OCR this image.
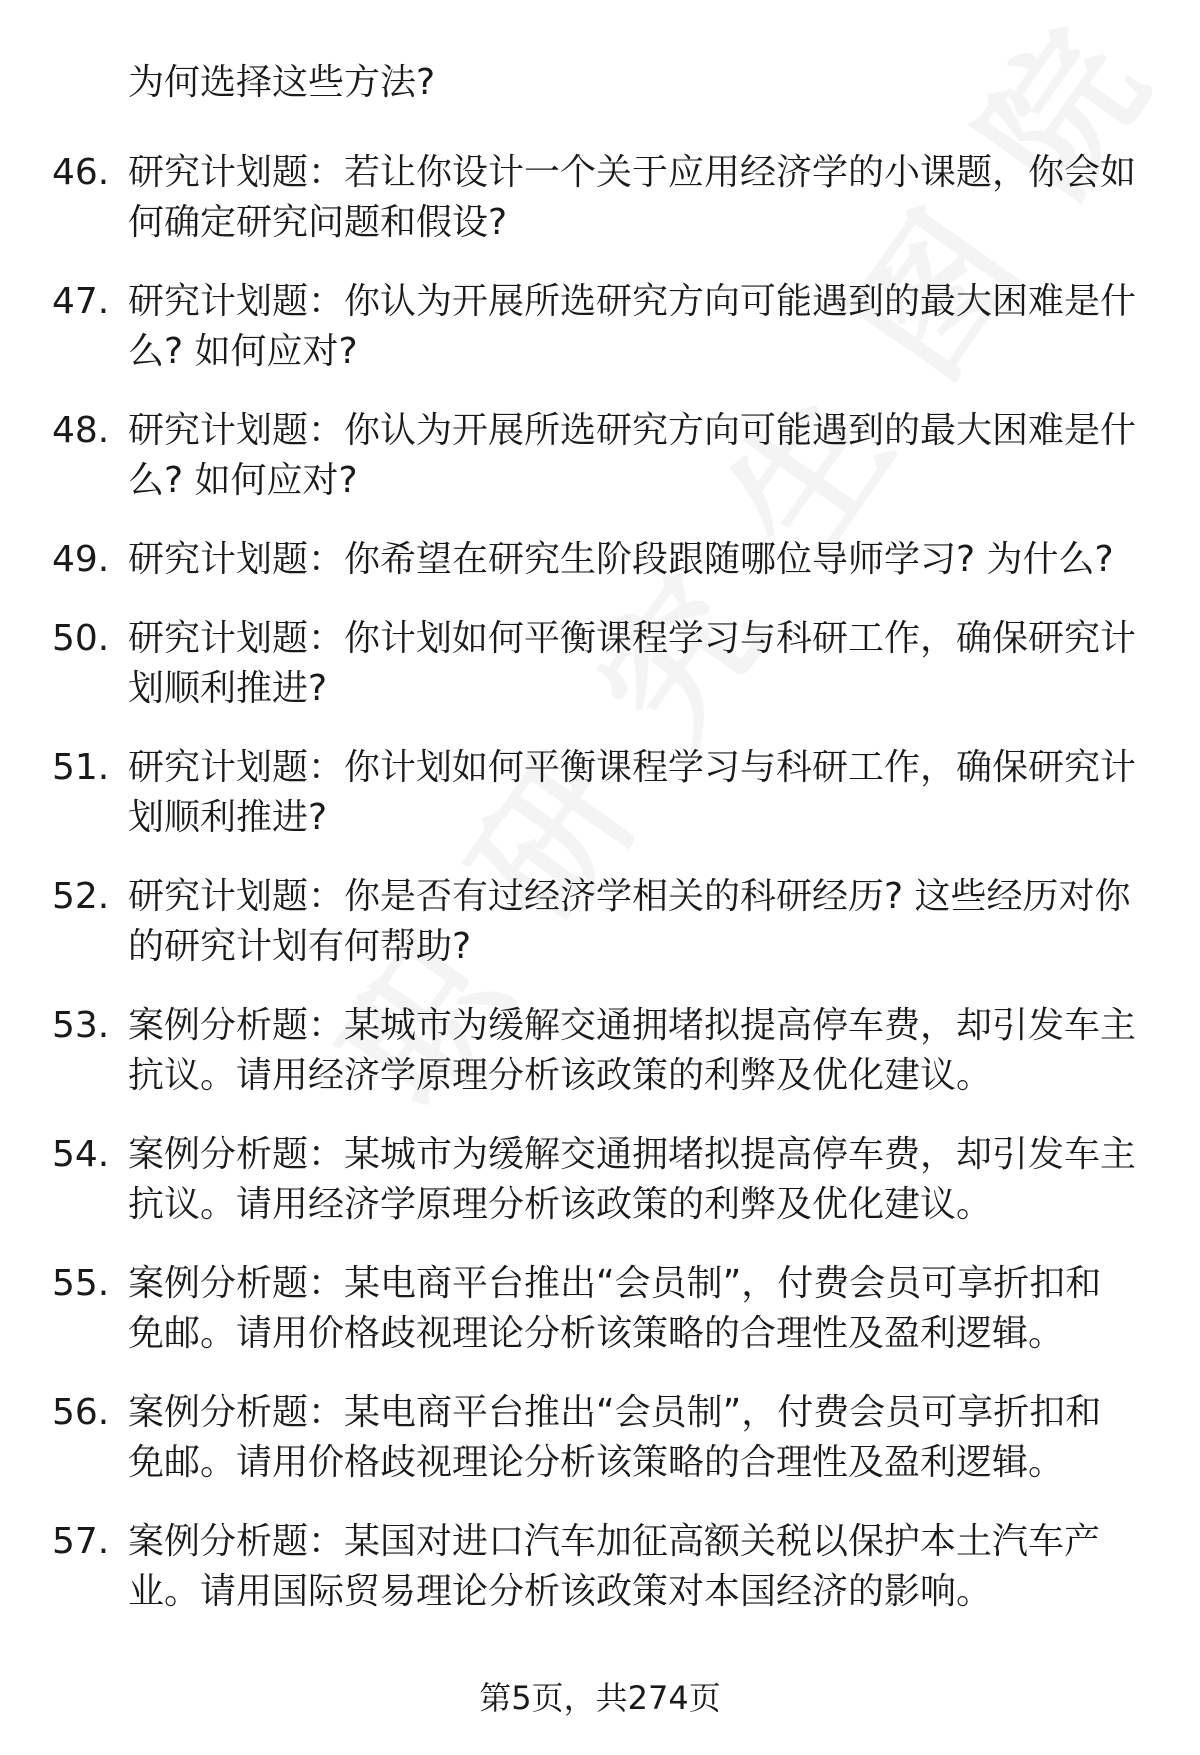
为何选择这些方法?
46. 研究计划题：若让你设计一个关于应用经济学的小课题，你会如
何确定研究问题和假设?
47. 研究计划题：你认为开展所选研究方向可能遇到的最大困难是什
么? 如何应对?
48. 研究计划题：你认为开展所选研究方向可能遇到的最大困难是什
么? 如何应对?
49. 研究计划题：你希望在研究生阶段跟随哪位导师学习? 为什么?
50. 研究计划题：你计划如何平衡课程学习与科研工作，确保研究计
划顺利推进?
51. 研究计划题：你计划如何平衡课程学习与科研工作，确保研究计
划顺利推进?
52. 研究计划题：你是否有过经济学相关的科研经历? 这些经历对你
的研究计划有何帮助?
53. 案例分析题：某城市为缓解交通拥堵拟提高停车费，却引发车主
抗议。请用经济学原理分析该政策的利弊及优化建议。
54. 案例分析题：某城市为缓解交通拥堵拟提高停车费，却引发车主
抗议。请用经济学原理分析该政策的利弊及优化建议。
55. 案例分析题：某电商平台推出“会员制”，付费会员可享折扣和
免邮。请用价格歧视理论分析该策略的合理性及盈利逻辑。
56. 案例分析题：某电商平台推出“会员制”，付费会员可享折扣和
免邮。请用价格歧视理论分析该策略的合理性及盈利逻辑。
57. 案例分析题：某国对进口汽车加征高额关税以保护本土汽车产
业。请用国际贸易理论分析该政策对本国经济的影响。
第5页，共274页
